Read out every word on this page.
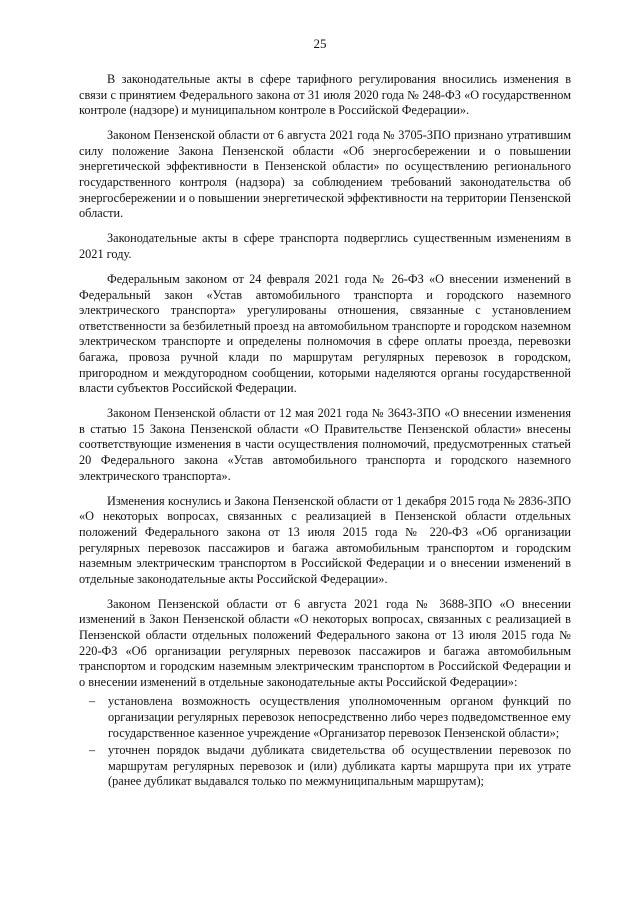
25

В законодательные акты в сфере тарифного регулирования вносились изменения в связи с принятием Федерального закона от 31 июля 2020 года № 248-ФЗ «О государственном контроле (надзоре) и муниципальном контроле в Российской Федерации».

Законом Пензенской области от 6 августа 2021 года № 3705-ЗПО признано утратившим силу положение Закона Пензенской области «Об энергосбережении и о повышении энергетической эффективности в Пензенской области» по осуществлению регионального государственного контроля (надзора) за соблюдением требований законодательства об энергосбережении и о повышении энергетической эффективности на территории Пензенской области.

Законодательные акты в сфере транспорта подверглись существенным изменениям в 2021 году.

Федеральным законом от 24 февраля 2021 года № 26-ФЗ «О внесении изменений в Федеральный закон «Устав автомобильного транспорта и городского наземного электрического транспорта» урегулированы отношения, связанные с установлением ответственности за безбилетный проезд на автомобильном транспорте и городском наземном электрическом транспорте и определены полномочия в сфере оплаты проезда, перевозки багажа, провоза ручной клади по маршрутам регулярных перевозок в городском, пригородном и междугородном сообщении, которыми наделяются органы государственной власти субъектов Российской Федерации.

Законом Пензенской области от 12 мая 2021 года № 3643-ЗПО «О внесении изменения в статью 15 Закона Пензенской области «О Правительстве Пензенской области» внесены соответствующие изменения в части осуществления полномочий, предусмотренных статьей 20 Федерального закона «Устав автомобильного транспорта и городского наземного электрического транспорта».

Изменения коснулись и Закона Пензенской области от 1 декабря 2015 года № 2836-ЗПО «О некоторых вопросах, связанных с реализацией в Пензенской области отдельных положений Федерального закона от 13 июля 2015 года № 220-ФЗ «Об организации регулярных перевозок пассажиров и багажа автомобильным транспортом и городским наземным электрическим транспортом в Российской Федерации и о внесении изменений в отдельные законодательные акты Российской Федерации».

Законом Пензенской области от 6 августа 2021 года № 3688-ЗПО «О внесении изменений в Закон Пензенской области «О некоторых вопросах, связанных с реализацией в Пензенской области отдельных положений Федерального закона от 13 июля 2015 года № 220-ФЗ «Об организации регулярных перевозок пассажиров и багажа автомобильным транспортом и городским наземным электрическим транспортом в Российской Федерации и о внесении изменений в отдельные законодательные акты Российской Федерации»:

–	установлена возможность осуществления уполномоченным органом функций по организации регулярных перевозок непосредственно либо через подведомственное ему государственное казенное учреждение «Организатор перевозок Пензенской области»;
–	уточнен порядок выдачи дубликата свидетельства об осуществлении перевозок по маршрутам регулярных перевозок и (или) дубликата карты маршрута при их утрате (ранее дубликат выдавался только по межмуниципальным маршрутам);
